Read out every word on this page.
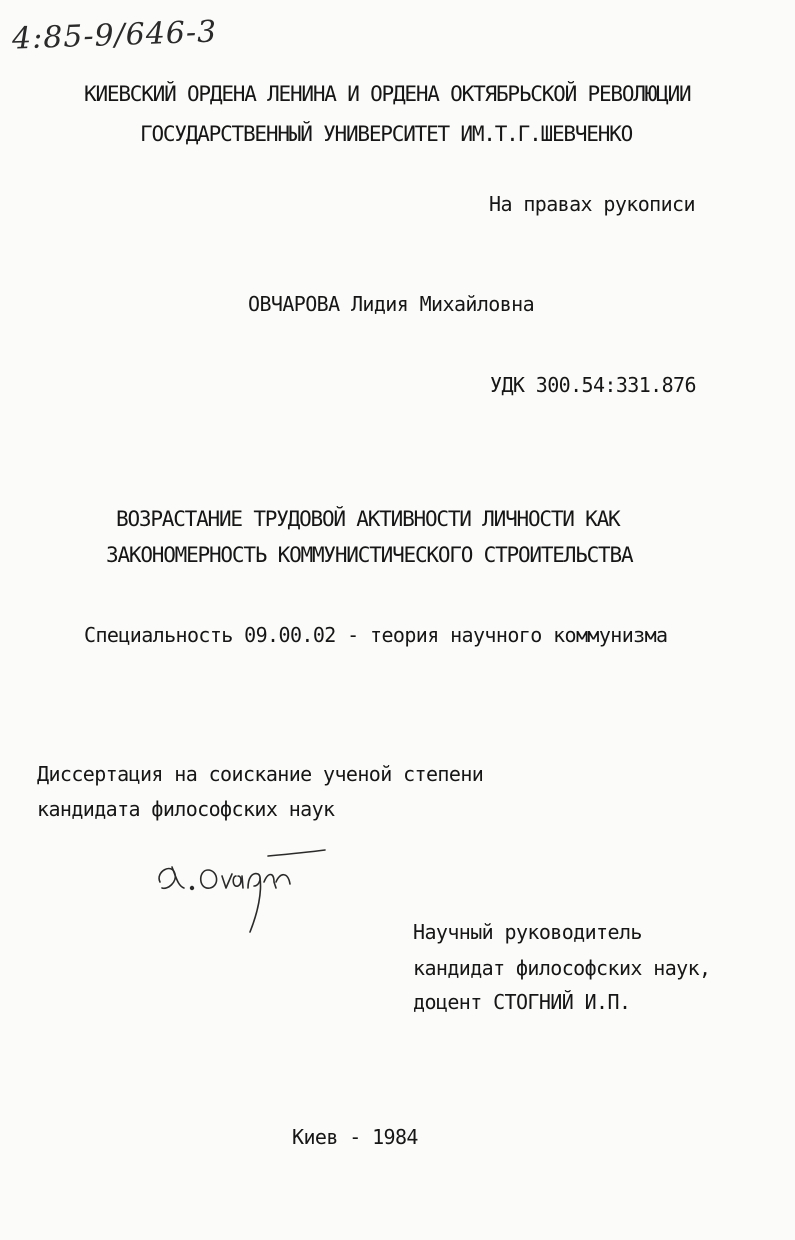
4:85-9/646-3
КИЕВСКИЙ ОРДЕНА ЛЕНИНА И ОРДЕНА ОКТЯБРЬСКОЙ РЕВОЛЮЦИИ
ГОСУДАРСТВЕННЫЙ УНИВЕРСИТЕТ ИМ.Т.Г.ШЕВЧЕНКО
На правах рукописи
ОВЧАРОВА Лидия Михайловна
УДК 300.54:331.876
ВОЗРАСТАНИЕ ТРУДОВОЙ АКТИВНОСТИ ЛИЧНОСТИ КАК
ЗАКОНОМЕРНОСТЬ КОММУНИСТИЧЕСКОГО СТРОИТЕЛЬСТВА
Специальность 09.00.02 - теория научного коммунизма
Диссертация на соискание ученой степени
кандидата философских наук
Научный руководитель
кандидат философских наук,
доцент СТОГНИЙ И.П.
Киев - 1984
